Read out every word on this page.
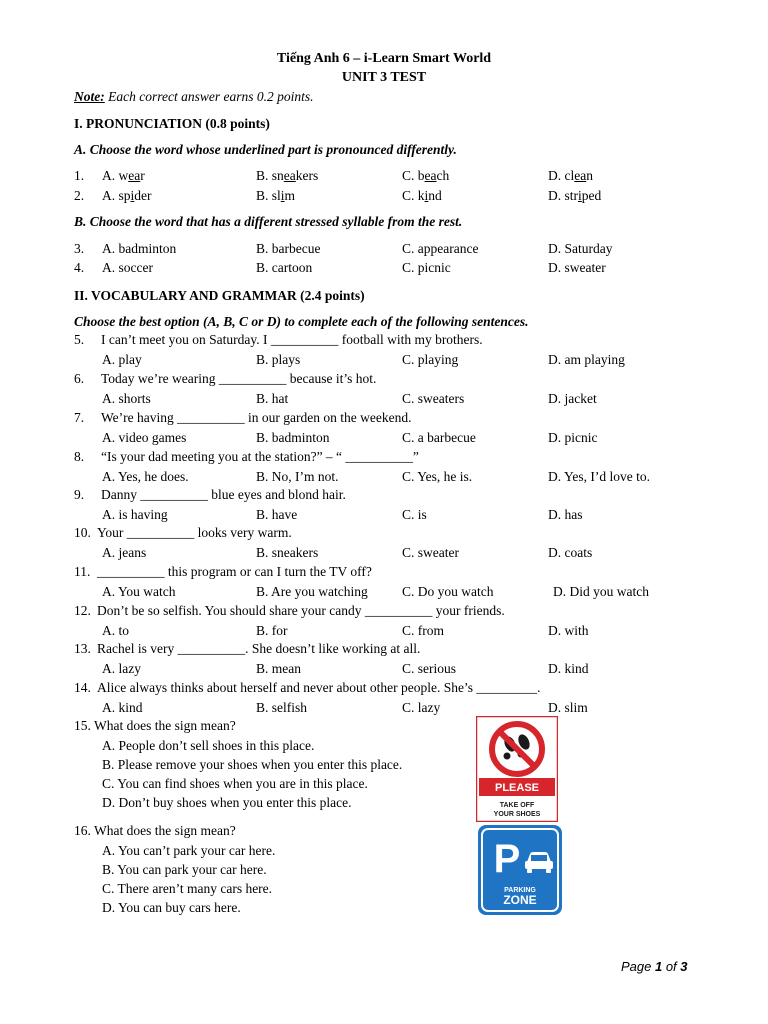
Tiếng Anh 6 – i-Learn Smart World
UNIT 3 TEST
Note: Each correct answer earns 0.2 points.
I. PRONUNCIATION (0.8 points)
A. Choose the word whose underlined part is pronounced differently.
1. A. wear	B. sneakers	C. beach	D. clean
2. A. spider	B. slim	C. kind	D. striped
B. Choose the word that has a different stressed syllable from the rest.
3. A. badminton	B. barbecue	C. appearance	D. Saturday
4. A. soccer	B. cartoon	C. picnic	D. sweater
II. VOCABULARY AND GRAMMAR (2.4 points)
Choose the best option (A, B, C or D) to complete each of the following sentences.
5. I can’t meet you on Saturday. I __________ football with my brothers.
A. play	B. plays	C. playing	D. am playing
6. Today we’re wearing __________ because it’s hot.
A. shorts	B. hat	C. sweaters	D. jacket
7. We’re having __________ in our garden on the weekend.
A. video games	B. badminton	C. a barbecue	D. picnic
8. “Is your dad meeting you at the station?” – “ __________”
A. Yes, he does.	B. No, I’m not.	C. Yes, he is.	D. Yes, I’d love to.
9. Danny __________ blue eyes and blond hair.
A. is having	B. have	C. is	D. has
10. Your __________ looks very warm.
A. jeans	B. sneakers	C. sweater	D. coats
11. __________ this program or can I turn the TV off?
A. You watch	B. Are you watching	C. Do you watch	D. Did you watch
12. Don’t be so selfish. You should share your candy __________ your friends.
A. to	B. for	C. from	D. with
13. Rachel is very __________. She doesn’t like working at all.
A. lazy	B. mean	C. serious	D. kind
14. Alice always thinks about herself and never about other people. She’s _________.
A. kind	B. selfish	C. lazy	D. slim
15. What does the sign mean?
A. People don’t sell shoes in this place.
B. Please remove your shoes when you enter this place.
C. You can find shoes when you are in this place.
D. Don’t buy shoes when you enter this place.
PLEASE
TAKE OFF
YOUR SHOES
16. What does the sign mean?
A. You can’t park your car here.
B. You can park your car here.
C. There aren’t many cars here.
D. You can buy cars here.
P
PARKING
ZONE
Page 1 of 3
